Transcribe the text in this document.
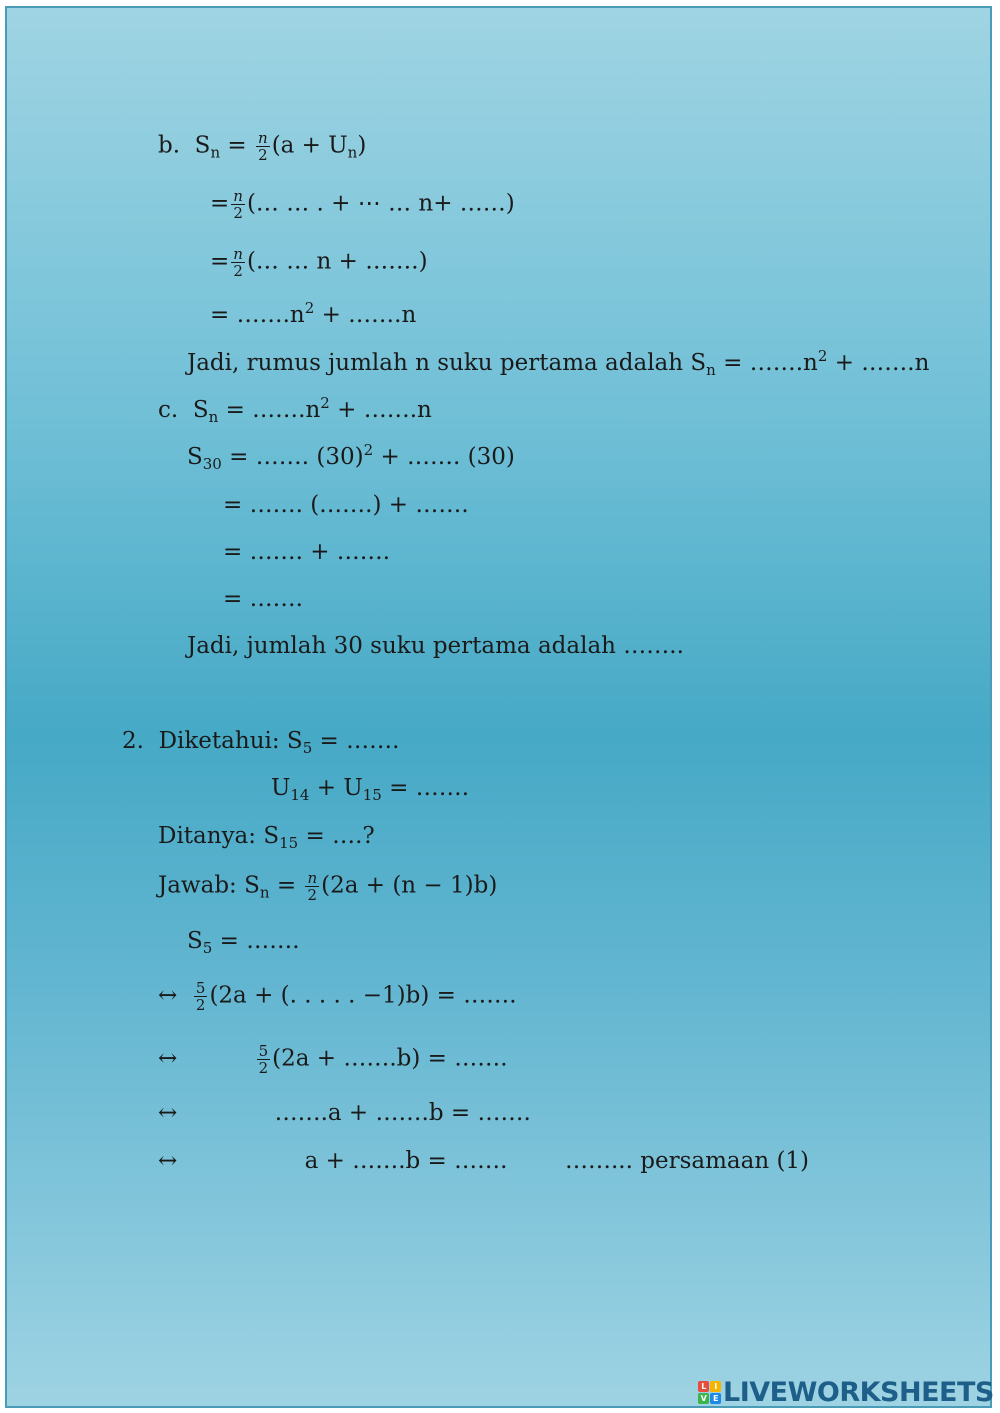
b. $S_n = \frac{n}{2} (a + U_n)$
= $\frac{n}{2}$ (… … . + ⋯ … n+ ……)
= $\frac{n}{2}$ (… … n + …….)
= $\dots\dots.n^2$ + …….n
Jadi, rumus jumlah n suku pertama adalah $S_n$ = $\dots\dots.n^2$ + …….n
c. $S_n$ = $\dots\dots.n^2$ + …….n
$S_{30}$ = ……. $(30)^2$ + ……. (30)
= ……. (…….) + …….
= ……. + …….
= …….
Jadi, jumlah 30 suku pertama adalah ……..
2. Diketahui: $S_5$ = …….
$U_{14} + U_{15}$ = …….
Ditanya: $S_{15}$ = ….?
Jawab: $S_n = \frac{n}{2} (2a + (n - 1)b)$
$S_5$ = …….
↔ $\frac{5}{2} (2a$ + (. . . . . −1)b) = …….
↔	$\frac{5}{2} (2a$ + …….b) = …….
↔	…….a + …….b = …….
↔	a + …….b = …….	……... persamaan (1)
L	I
V E LIVEWORKSHEETS
